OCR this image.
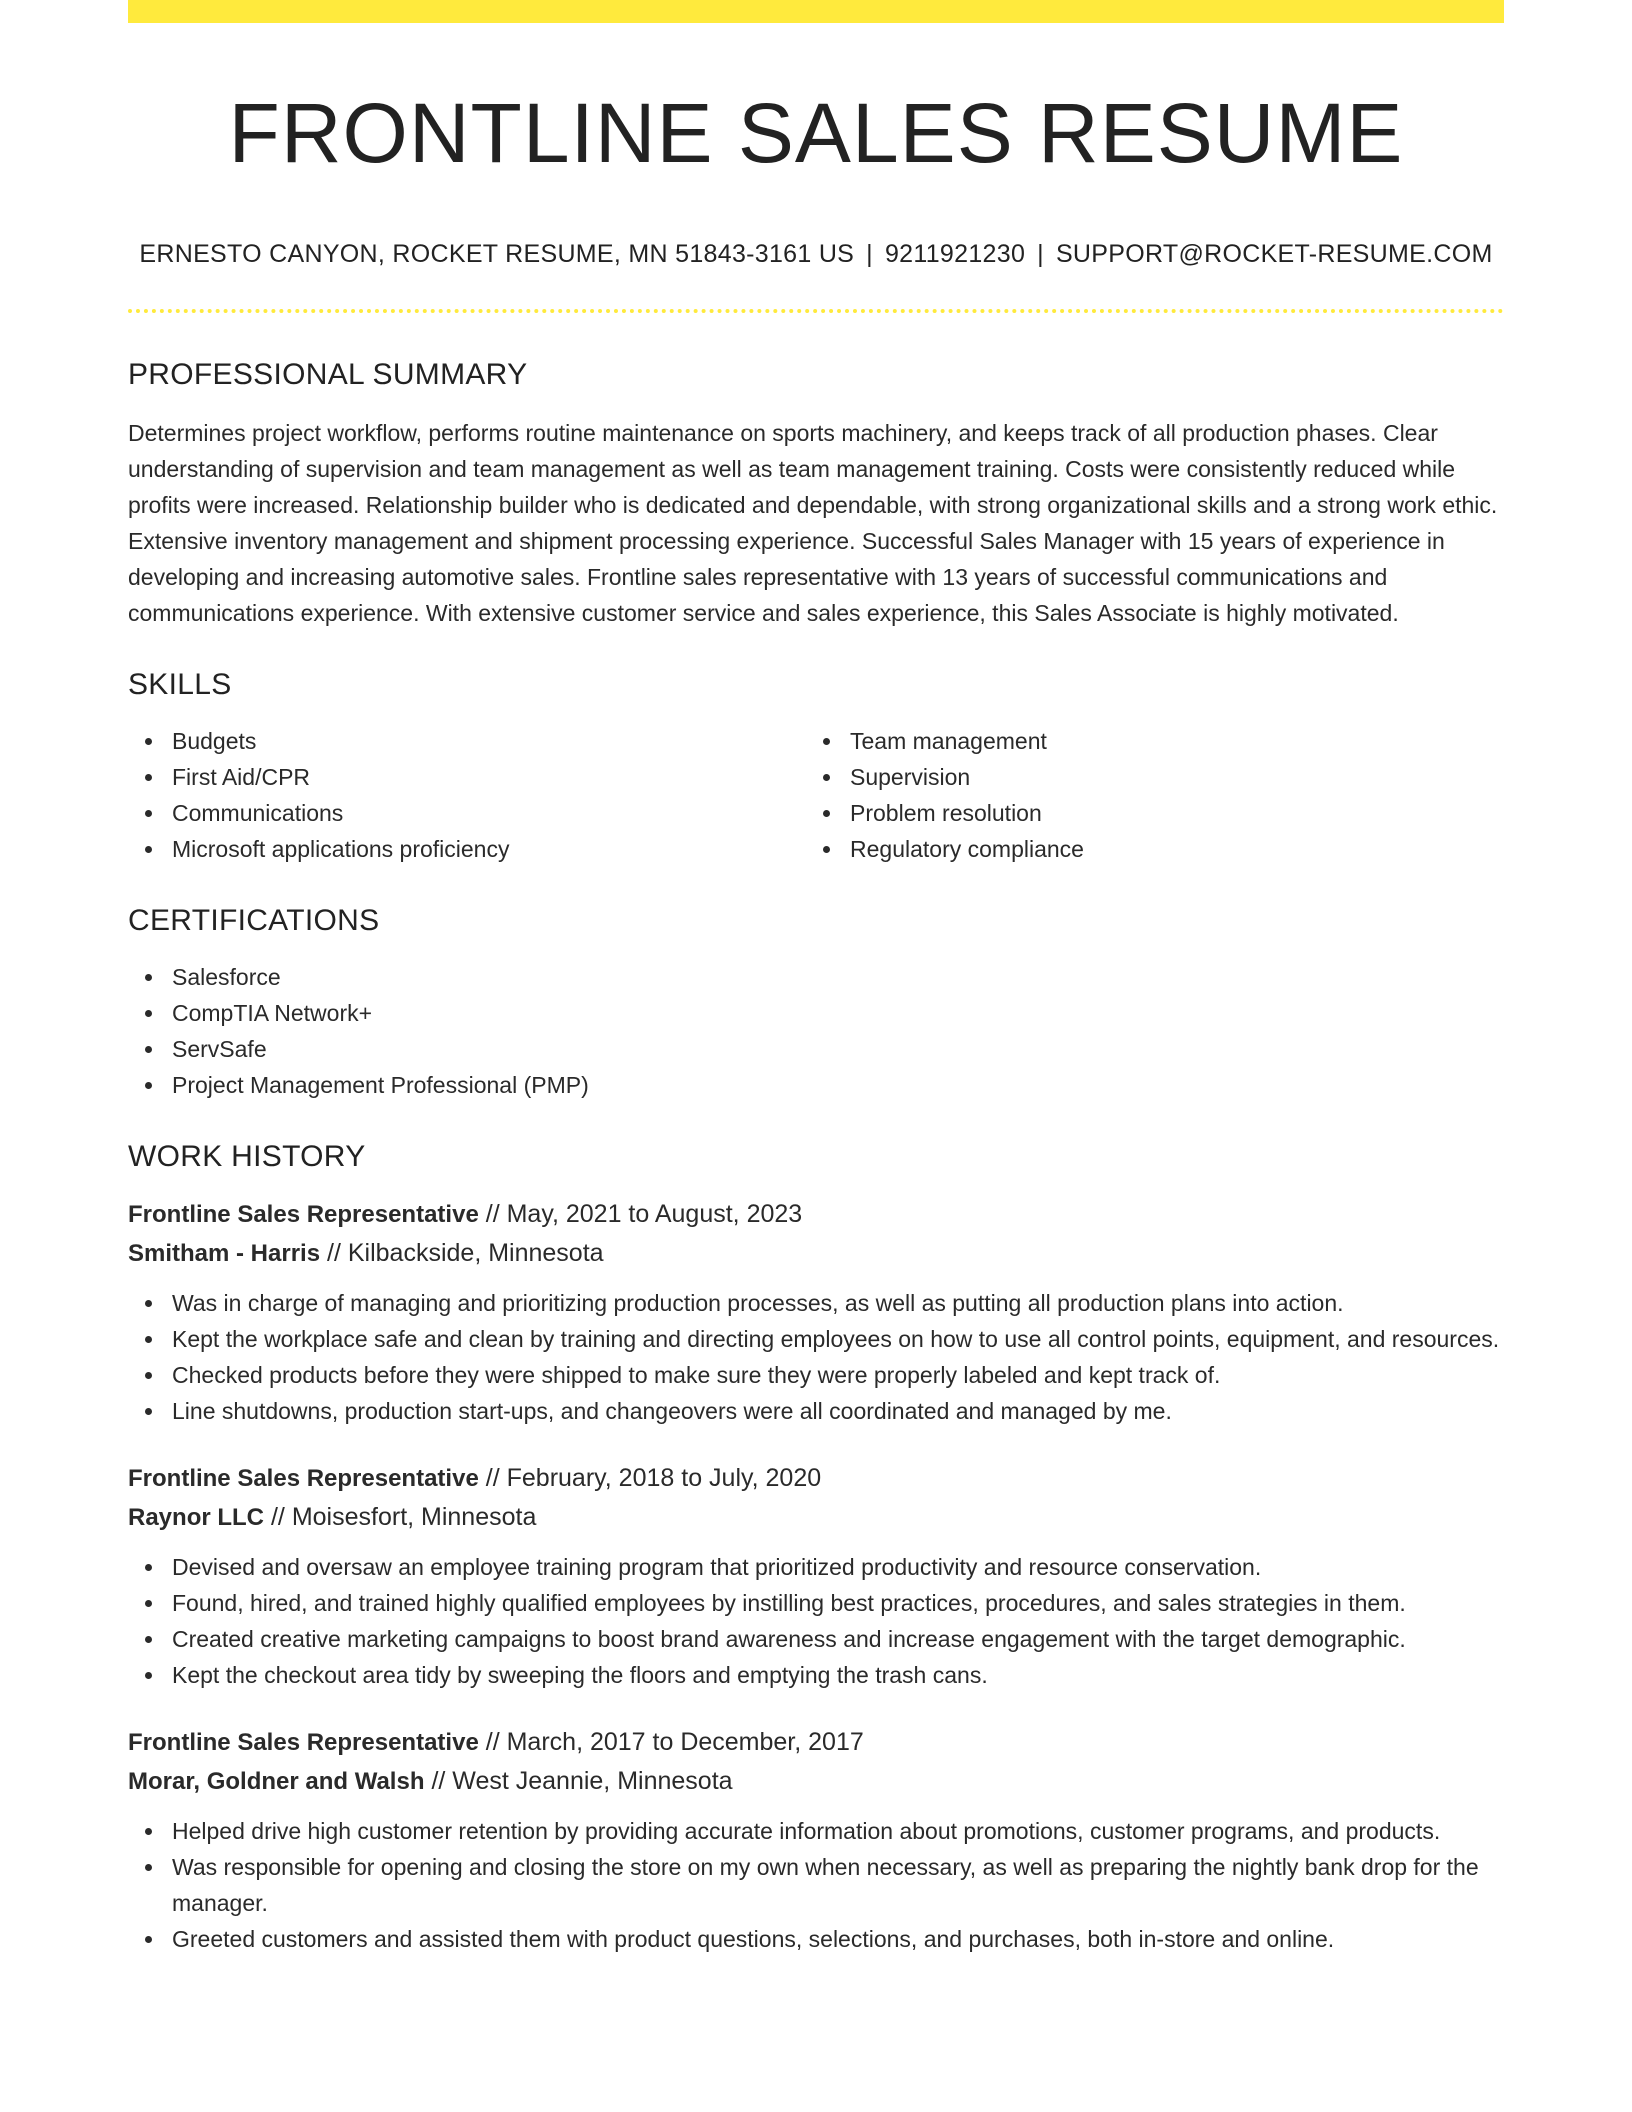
FRONTLINE SALES RESUME
ERNESTO CANYON, ROCKET RESUME, MN 51843-3161 US | 9211921230 | SUPPORT@ROCKET-RESUME.COM
PROFESSIONAL SUMMARY

Determines project workflow, performs routine maintenance on sports machinery, and keeps track of all production phases. Clear understanding of supervision and team management as well as team management training. Costs were consistently reduced while profits were increased. Relationship builder who is dedicated and dependable, with strong organizational skills and a strong work ethic. Extensive inventory management and shipment processing experience. Successful Sales Manager with 15 years of experience in developing and increasing automotive sales. Frontline sales representative with 13 years of successful communications and communications experience. With extensive customer service and sales experience, this Sales Associate is highly motivated.

SKILLS
Budgets
First Aid/CPR
Communications
Microsoft applications proficiency
Team management
Supervision
Problem resolution
Regulatory compliance
CERTIFICATIONS
Salesforce
CompTIA Network+
ServSafe
Project Management Professional (PMP)
WORK HISTORY
Frontline Sales Representative // May, 2021 to August, 2023
Smitham - Harris // Kilbackside, Minnesota
Was in charge of managing and prioritizing production processes, as well as putting all production plans into action.
Kept the workplace safe and clean by training and directing employees on how to use all control points, equipment, and resources.
Checked products before they were shipped to make sure they were properly labeled and kept track of.
Line shutdowns, production start-ups, and changeovers were all coordinated and managed by me.
Frontline Sales Representative // February, 2018 to July, 2020
Raynor LLC // Moisesfort, Minnesota
Devised and oversaw an employee training program that prioritized productivity and resource conservation.
Found, hired, and trained highly qualified employees by instilling best practices, procedures, and sales strategies in them.
Created creative marketing campaigns to boost brand awareness and increase engagement with the target demographic.
Kept the checkout area tidy by sweeping the floors and emptying the trash cans.
Frontline Sales Representative // March, 2017 to December, 2017
Morar, Goldner and Walsh // West Jeannie, Minnesota
Helped drive high customer retention by providing accurate information about promotions, customer programs, and products.
Was responsible for opening and closing the store on my own when necessary, as well as preparing the nightly bank drop for the manager.
Greeted customers and assisted them with product questions, selections, and purchases, both in-store and online.
